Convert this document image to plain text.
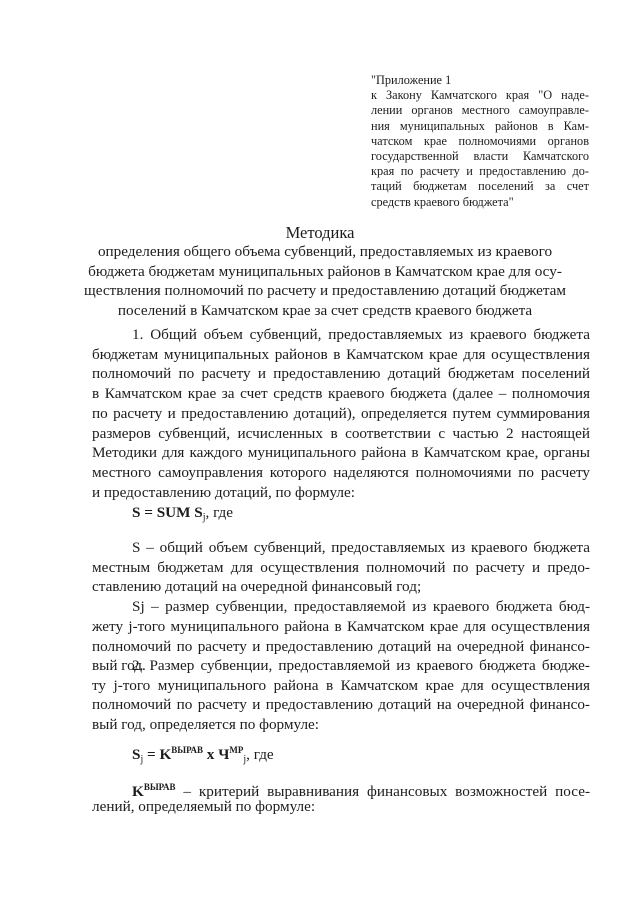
"Приложение 1
к Закону Камчатского края "О наде-
лении органов местного самоуправле-
ния муниципальных районов в Кам-
чатском крае полномочиями органов
государственной власти Камчатского
края по расчету и предоставлению до-
таций бюджетам поселений за счет
средств краевого бюджета"
Методика
определения общего объема субвенций, предоставляемых из краевого
бюджета бюджетам муниципальных районов в Камчатском крае для осу-
ществления полномочий по расчету и предоставлению дотаций бюджетам
поселений в Камчатском крае за счет средств краевого бюджета
1. Общий объем субвенций, предоставляемых из краевого бюджета
бюджетам муниципальных районов в Камчатском крае для осуществления
полномочий по расчету и предоставлению дотаций бюджетам поселений
в Камчатском крае за счет средств краевого бюджета (далее – полномочия
по расчету и предоставлению дотаций), определяется путем суммирования
размеров субвенций, исчисленных в соответствии с частью 2 настоящей
Методики для каждого муниципального района в Камчатском крае, органы
местного самоуправления которого наделяются полномочиями по расчету
и предоставлению дотаций, по формуле:
S = SUM $S_j$, где
S – общий объем субвенций, предоставляемых из краевого бюджета
местным бюджетам для осуществления полномочий по расчету и предо-
ставлению дотаций на очередной финансовый год;
Sj – размер субвенции, предоставляемой из краевого бюджета бюд-
жету j-того муниципального района в Камчатском крае для осуществления
полномочий по расчету и предоставлению дотаций на очередной финансо-
вый год.
2. Размер субвенции, предоставляемой из краевого бюджета бюдже-
ту j-того муниципального района в Камчатском крае для осуществления
полномочий по расчету и предоставлению дотаций на очередной финансо-
вый год, определяется по формуле:
$S_j = K^{ВЫРАВ}$ x $Ч^{МР}_j$, где
$K^{ВЫРАВ}$ – критерий выравнивания финансовых возможностей посе-
лений, определяемый по формуле:
